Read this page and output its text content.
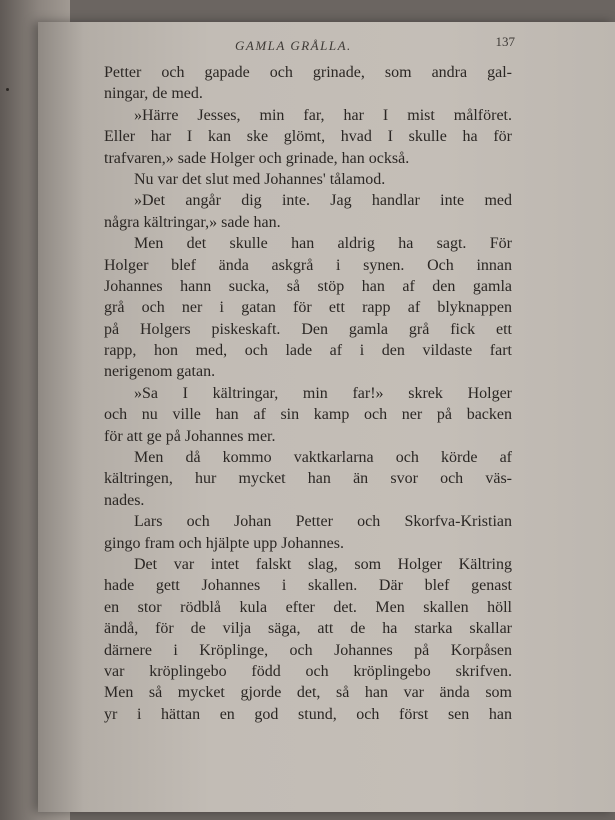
GAMLA GRÅLLA.	137
Petter och gapade och grinade, som andra gal-
ningar, de med.
»Härre Jesses, min far, har I mist målföret.
Eller har I kan ske glömt, hvad I skulle ha för
trafvaren,» sade Holger och grinade, han också.
Nu var det slut med Johannes' tålamod.
»Det angår dig inte. Jag handlar inte med
några kältringar,» sade han.
Men det skulle han aldrig ha sagt. För
Holger blef ända askgrå i synen. Och innan
Johannes hann sucka, så stöp han af den gamla
grå och ner i gatan för ett rapp af blyknappen
på Holgers piskeskaft. Den gamla grå fick ett
rapp, hon med, och lade af i den vildaste fart
nerigenom gatan.
»Sa I kältringar, min far!» skrek Holger
och nu ville han af sin kamp och ner på backen
för att ge på Johannes mer.
Men då kommo vaktkarlarna och körde af
kältringen, hur mycket han än svor och väs-
nades.
Lars och Johan Petter och Skorfva-Kristian
gingo fram och hjälpte upp Johannes.
Det var intet falskt slag, som Holger Kältring
hade gett Johannes i skallen. Där blef genast
en stor rödblå kula efter det. Men skallen höll
ändå, för de vilja säga, att de ha starka skallar
därnere i Kröplinge, och Johannes på Korpåsen
var kröplingebo född och kröplingebo skrifven.
Men så mycket gjorde det, så han var ända som
yr i hättan en god stund, och först sen han
